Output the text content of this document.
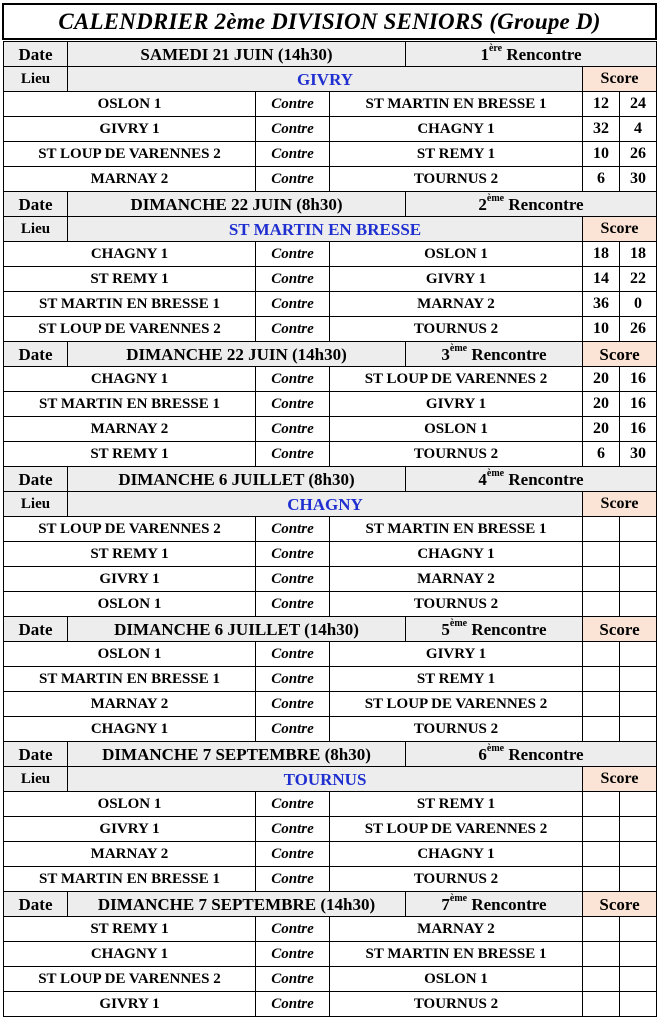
CALENDRIER 2ème DIVISION SENIORS (Groupe D)
Date	SAMEDI 21 JUIN (14h30)			1ère Rencontre		
Lieu	GIVRY				Score	
OSLON 1		Contre	ST MARTIN EN BRESSE 1		12	24
GIVRY 1		Contre	CHAGNY 1		32	4
ST LOUP DE VARENNES 2		Contre	ST REMY 1		10	26
MARNAY 2		Contre	TOURNUS 2		6	30
Date	DIMANCHE 22 JUIN (8h30)			2ème Rencontre		
Lieu	ST MARTIN EN BRESSE				Score	
CHAGNY 1		Contre	OSLON 1		18	18
ST REMY 1		Contre	GIVRY 1		14	22
ST MARTIN EN BRESSE 1		Contre	MARNAY 2		36	0
ST LOUP DE VARENNES 2		Contre	TOURNUS 2		10	26
Date	DIMANCHE 22 JUIN (14h30)			3ème Rencontre	Score	
CHAGNY 1		Contre	ST LOUP DE VARENNES 2		20	16
ST MARTIN EN BRESSE 1		Contre	GIVRY 1		20	16
MARNAY 2		Contre	OSLON 1		20	16
ST REMY 1		Contre	TOURNUS 2		6	30
Date	DIMANCHE 6 JUILLET (8h30)			4ème Rencontre		
Lieu	CHAGNY				Score	
ST LOUP DE VARENNES 2		Contre	ST MARTIN EN BRESSE 1			
ST REMY 1		Contre	CHAGNY 1			
GIVRY 1		Contre	MARNAY 2			
OSLON 1		Contre	TOURNUS 2			
Date	DIMANCHE 6 JUILLET (14h30)			5ème Rencontre	Score	
OSLON 1		Contre	GIVRY 1			
ST MARTIN EN BRESSE 1		Contre	ST REMY 1			
MARNAY 2		Contre	ST LOUP DE VARENNES 2			
CHAGNY 1		Contre	TOURNUS 2			
Date	DIMANCHE 7 SEPTEMBRE (8h30)			6ème Rencontre		
Lieu	TOURNUS				Score	
OSLON 1		Contre	ST REMY 1			
GIVRY 1		Contre	ST LOUP DE VARENNES 2			
MARNAY 2		Contre	CHAGNY 1			
ST MARTIN EN BRESSE 1		Contre	TOURNUS 2			
Date	DIMANCHE 7 SEPTEMBRE (14h30)			7ème Rencontre	Score	
ST REMY 1		Contre	MARNAY 2			
CHAGNY 1		Contre	ST MARTIN EN BRESSE 1			
ST LOUP DE VARENNES 2		Contre	OSLON 1			
GIVRY 1		Contre	TOURNUS 2			
